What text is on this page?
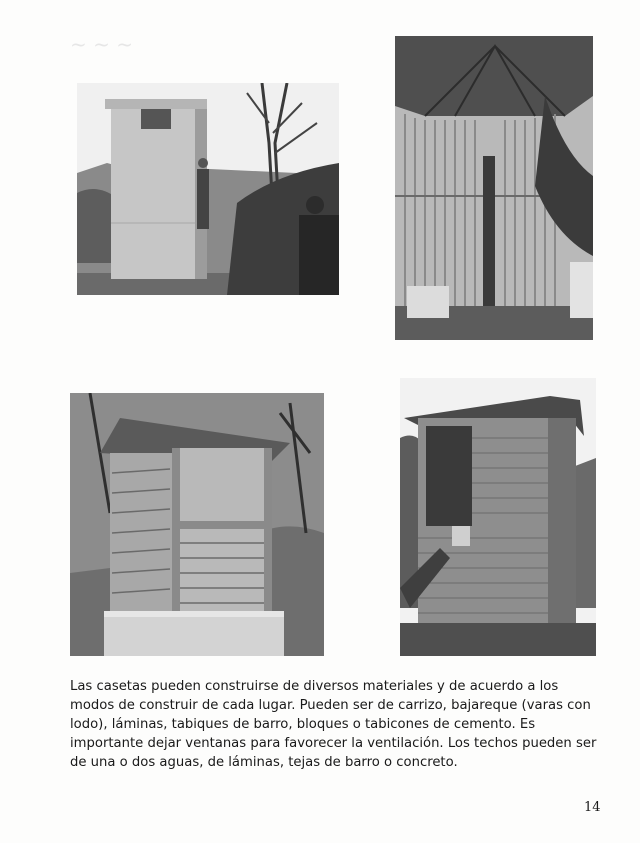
~ ~ ~

Las casetas pueden construirse de diversos materiales y de acuerdo a los modos de construir de cada lugar. Pueden ser de carrizo, bajareque (varas con lodo), láminas, tabiques de barro, bloques o tabicones de cemento. Es importante dejar ventanas para favorecer la ventilación. Los techos pueden ser de una o dos aguas, de láminas, tejas de barro o concreto.

14
